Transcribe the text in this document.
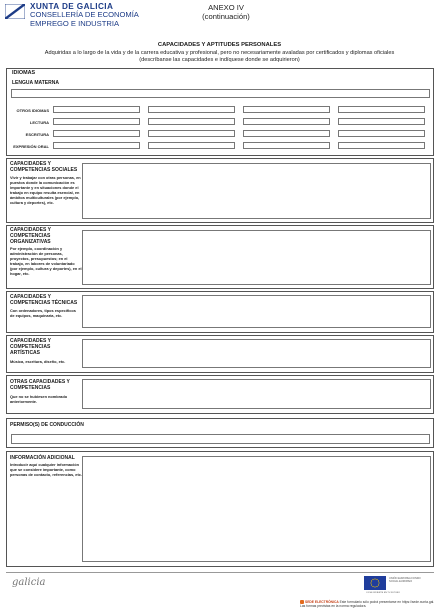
XUNTA DE GALICIA
CONSELLERÍA DE ECONOMÍA
EMPREGO E INDUSTRIA
ANEXO IV
(continuación)
CAPACIDADES Y APTITUDES PERSONALES
Adquiridas a lo largo de la vida y de la carrera educativa y profesional, pero no necesariamente avaladas por certificados y diplomas oficiales
(descríbanse las capacidades e indíquese donde se adquirieron)
IDIOMAS
LENGUA MATERNA
OTROS IDIOMAS
LECTURA
ESCRITURA
EXPRESIÓN ORAL
CAPACIDADES Y COMPETENCIAS SOCIALES
Vivir y trabajar con otras personas, en puestos donde la comunicación es importante y en situaciones donde el trabajo en equipo resulta esencial, en ámbitos multiculturales (por ejemplo, cultura y deportes), etc.
CAPACIDADES Y COMPETENCIAS ORGANIZATIVAS
Por ejemplo, coordinación y administración de personas, proyectos, presupuestos; en el trabajo, en labores de voluntariado (por ejemplo, cultura y deportes), en el hogar, etc.
CAPACIDADES Y COMPETENCIAS TÉCNICAS
Con ordenadores, tipos específicos de equipos, maquinaria, etc.
CAPACIDADES Y COMPETENCIAS ARTÍSTICAS
Música, escritura, diseño, etc.
OTRAS CAPACIDADES Y COMPETENCIAS
Que no se hubiesen nombrado anteriormente.
PERMISO(S) DE CONDUCCIÓN
INFORMACIÓN ADICIONAL
Introducir aquí cualquier información que se considere importante, como personas de contacto, referencias, etc.
galicia	UNIÓN EUROPEA FONDO SOCIAL EUROPEO
O FSE INVIERTE EN TU FUTURO
SEDE ELECTRÓNICA Este formulario sólo podrá presentarse en https://sede.xunta.gal. Las formas previstas en la norma reguladora.
